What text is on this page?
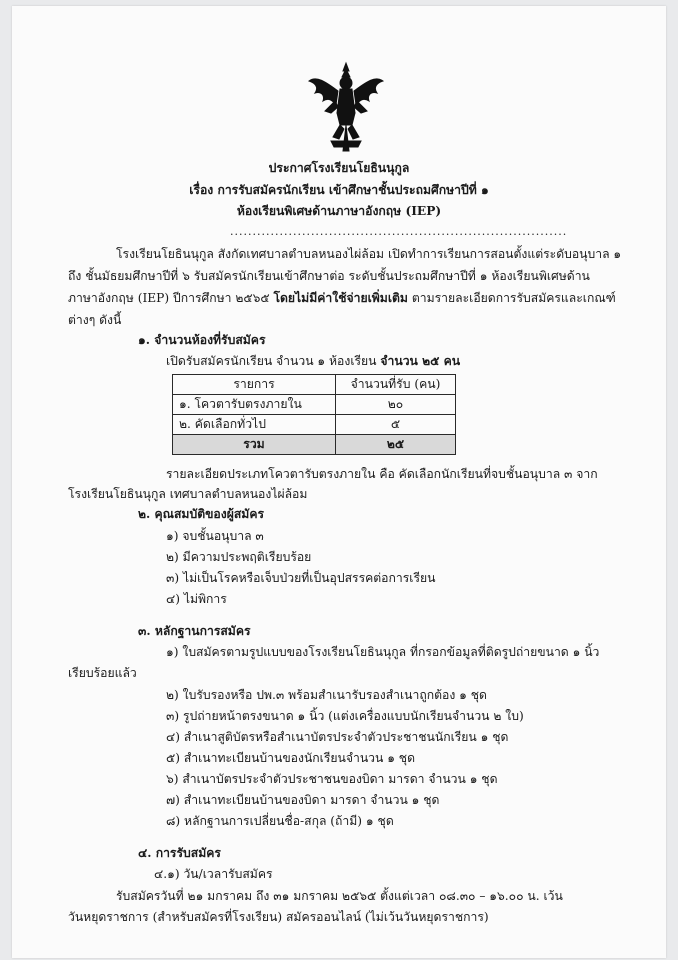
ประกาศโรงเรียนโยธินนุกูล
เรื่อง การรับสมัครนักเรียน เข้าศึกษาชั้นประถมศึกษาปีที่ ๑
ห้องเรียนพิเศษด้านภาษาอังกฤษ (IEP)
...........................................................................
โรงเรียนโยธินนุกูล สังกัดเทศบาลตำบลหนองไผ่ล้อม เปิดทำการเรียนการสอนตั้งแต่ระดับอนุบาล ๑
ถึง ชั้นมัธยมศึกษาปีที่ ๖ รับสมัครนักเรียนเข้าศึกษาต่อ ระดับชั้นประถมศึกษาปีที่ ๑ ห้องเรียนพิเศษด้าน
ภาษาอังกฤษ (IEP) ปีการศึกษา ๒๕๖๕ โดยไม่มีค่าใช้จ่ายเพิ่มเติม ตามรายละเอียดการรับสมัครและเกณฑ์
ต่างๆ ดังนี้
๑. จำนวนห้องที่รับสมัคร
เปิดรับสมัครนักเรียน จำนวน ๑ ห้องเรียน จำนวน ๒๕ คน
รายการ	จำนวนที่รับ (คน)
๑. โควตารับตรงภายใน	๒๐
๒. คัดเลือกทั่วไป	๕
รวม	๒๕
รายละเอียดประเภทโควตารับตรงภายใน คือ คัดเลือกนักเรียนที่จบชั้นอนุบาล ๓ จาก
โรงเรียนโยธินนุกูล เทศบาลตำบลหนองไผ่ล้อม
๒. คุณสมบัติของผู้สมัคร
๑) จบชั้นอนุบาล ๓
๒) มีความประพฤติเรียบร้อย
๓) ไม่เป็นโรคหรือเจ็บป่วยที่เป็นอุปสรรคต่อการเรียน
๔) ไม่พิการ
๓. หลักฐานการสมัคร
๑) ใบสมัครตามรูปแบบของโรงเรียนโยธินนุกูล ที่กรอกข้อมูลที่ติดรูปถ่ายขนาด ๑ นิ้ว
เรียบร้อยแล้ว
๒) ใบรับรองหรือ ปพ.๓ พร้อมสำเนารับรองสำเนาถูกต้อง ๑ ชุด
๓) รูปถ่ายหน้าตรงขนาด ๑ นิ้ว (แต่งเครื่องแบบนักเรียนจำนวน ๒ ใบ)
๔) สำเนาสูติบัตรหรือสำเนาบัตรประจำตัวประชาชนนักเรียน ๑ ชุด
๕) สำเนาทะเบียนบ้านของนักเรียนจำนวน ๑ ชุด
๖) สำเนาบัตรประจำตัวประชาชนของบิดา มารดา จำนวน ๑ ชุด
๗) สำเนาทะเบียนบ้านของบิดา มารดา จำนวน ๑ ชุด
๘) หลักฐานการเปลี่ยนชื่อ-สกุล (ถ้ามี) ๑ ชุด
๔. การรับสมัคร
๔.๑) วัน/เวลารับสมัคร
รับสมัครวันที่ ๒๑ มกราคม ถึง ๓๑ มกราคม ๒๕๖๕ ตั้งแต่เวลา ๐๘.๓๐ – ๑๖.๐๐ น. เว้น
วันหยุดราชการ (สำหรับสมัครที่โรงเรียน) สมัครออนไลน์ (ไม่เว้นวันหยุดราชการ)
